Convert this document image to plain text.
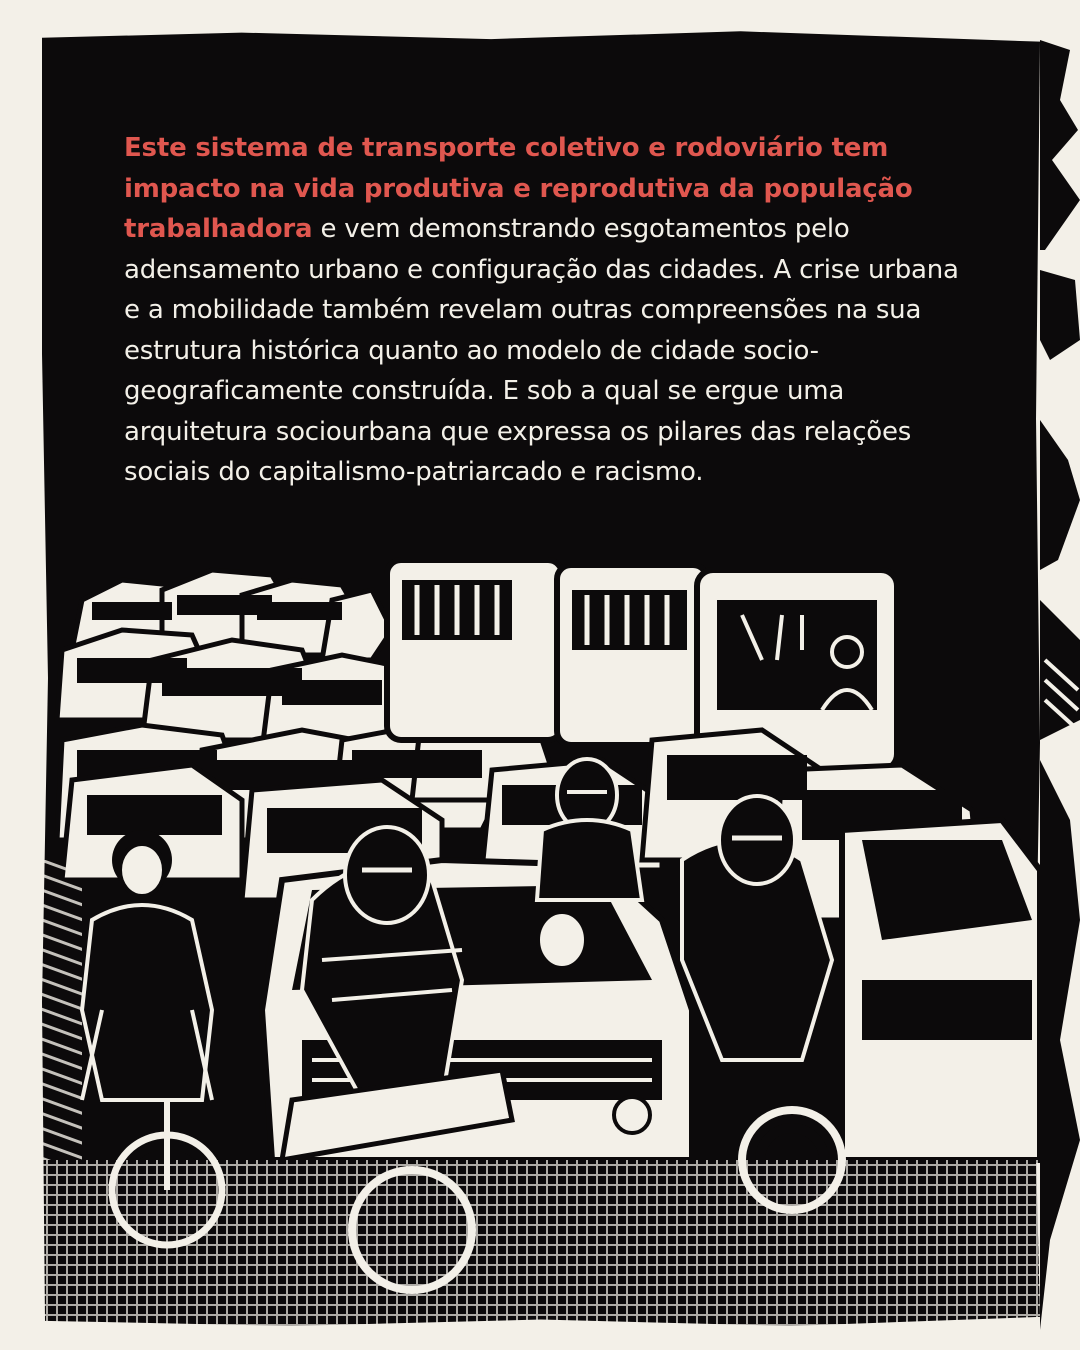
Este sistema de transporte coletivo e rodoviário tem impacto na vida produtiva e reprodutiva da população trabalhadora e vem demonstrando esgotamentos pelo adensamento urbano e configuração das cidades. A crise urbana e a mobilidade também revelam outras compreensões na sua estrutura histórica quanto ao modelo de cidade socio-geograficamente construída. E sob a qual se ergue uma arquitetura sociourbana que expressa os pilares das relações sociais do capitalismo-patriarcado e racismo.
